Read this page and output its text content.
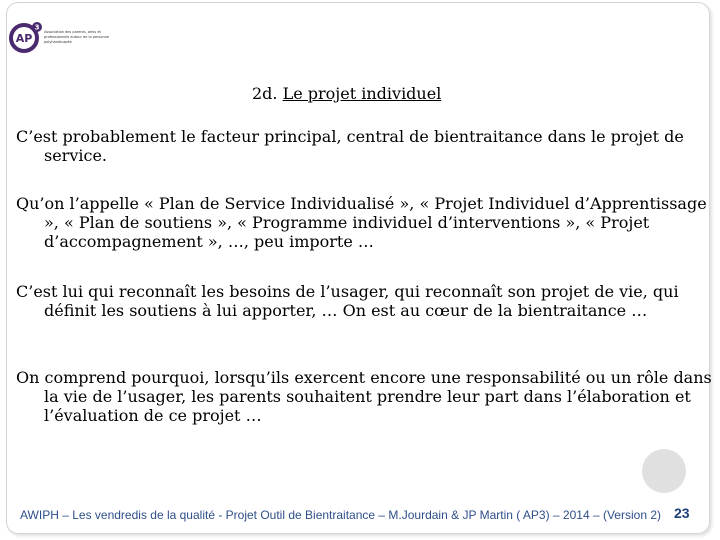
AP
3
Association des parents, amis et professionnels autour de la personne polyhandicapée
2d. Le projet individuel
C’est probablement le facteur principal, central de bientraitance dans le projet de service.
Qu’on l’appelle « Plan de Service Individualisé », « Projet Individuel d’Apprentissage », « Plan de soutiens », « Programme individuel d’interventions », « Projet d’accompagnement », …, peu importe …
C’est lui qui reconnaît les besoins de l’usager, qui reconnaît son projet de vie, qui définit les soutiens à lui apporter, … On est au cœur de la bientraitance …
On comprend pourquoi, lorsqu’ils exercent encore une responsabilité ou un rôle dans la vie de l’usager, les parents souhaitent prendre leur part dans l’élaboration et l’évaluation de ce projet …
AWIPH – Les vendredis de la qualité - Projet Outil de Bientraitance – M.Jourdain & JP Martin ( AP3) – 2014 – (Version 2) 23
